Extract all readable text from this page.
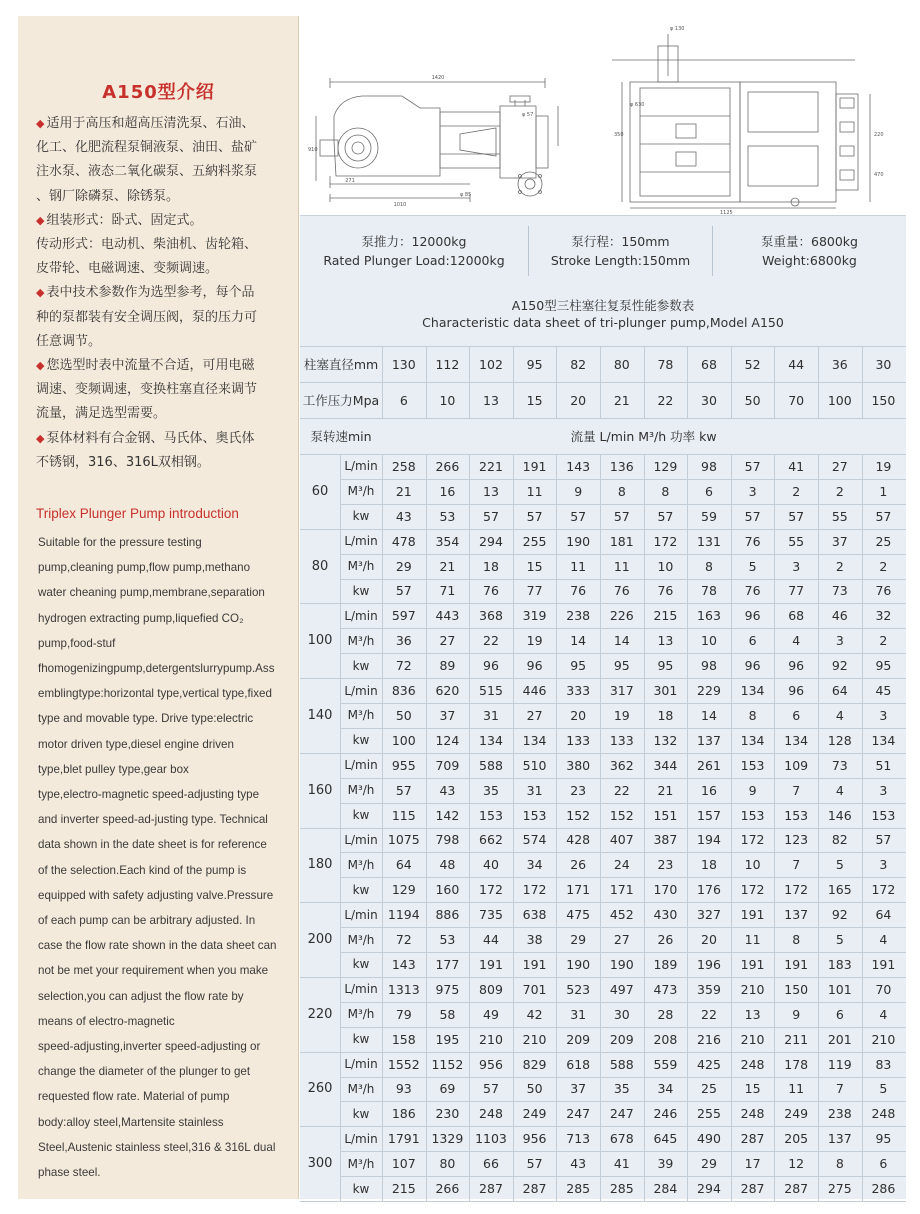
A150型介绍
◆ 适用于高压和超高压清洗泵、石油、
化工、化肥流程泵铜液泵、油田、盐矿
注水泵、液态二氧化碳泵、五納料浆泵
、钢厂除磷泵、除锈泵。
◆ 组装形式：卧式、固定式。
传动形式：电动机、柴油机、齿轮箱、
皮带轮、电磁调速、变频调速。
◆ 表中技术参数作为选型参考，每个品
种的泵都装有安全调压阀，泵的压力可
任意调节。
◆ 您选型时表中流量不合适，可用电磁
调速、变频调速，变换柱塞直径来调节
流量，满足选型需要。
◆ 泵体材料有合金钢、马氏体、奥氏体
不锈钢，316、316L双相钢。
Triplex Plunger Pump introduction
Suitable for the pressure testing
pump,cleaning pump,flow pump,methano
water cheaning pump,membrane,separation
hydrogen extracting pump,liquefied CO₂
pump,food-stuf
fhomogenizingpump,detergentslurrypump.Ass
emblingtype:horizontal type,vertical type,fixed
type and movable type. Drive type:electric
motor driven type,diesel engine driven
type,blet pulley type,gear box
type,electro-magnetic speed-adjusting type
and inverter speed-ad-justing type. Technical
data shown in the date sheet is for reference
of the selection.Each kind of the pump is
equipped with safety adjusting valve.Pressure
of each pump can be arbitrary adjusted. In
case the flow rate shown in the data sheet can
not be met your requirement when you make
selection,you can adjust the flow rate by
means of electro-magnetic
speed-adjusting,inverter speed-adjusting or
change the diameter of the plunger to get
requested flow rate. Material of pump
body:alloy steel,Martensite stainless
Steel,Austenic stainless steel,316 & 316L dual
phase steel.
1420
271
1010
910
φ 57
φ 85
φ 130
350
1125
220
470
φ 630
泵推力：12000kg
Rated Plunger Load:12000kg
泵行程：150mm
Stroke Length:150mm
泵重量：6800kg
Weight:6800kg
A150型三柱塞往复泵性能参数表
Characteristic data sheet of tri-plunger pump,Model A150
柱塞直径mm	130	112	102	95	82	80	78	68	52	44	36	30
工作压力Mpa	6	10	13	15	20	21	22	30	50	70	100	150
泵转速min	流量 L/min M³/h 功率 kw
60
L/min	258	266	221	191	143	136	129	98	57	41	27	19
M³/h	21	16	13	11	9	8	8	6	3	2	2	1
kw	43	53	57	57	57	57	57	59	57	57	55	57
80
L/min	478	354	294	255	190	181	172	131	76	55	37	25
M³/h	29	21	18	15	11	11	10	8	5	3	2	2
kw	57	71	76	77	76	76	76	78	76	77	73	76
100
L/min	597	443	368	319	238	226	215	163	96	68	46	32
M³/h	36	27	22	19	14	14	13	10	6	4	3	2
kw	72	89	96	96	95	95	95	98	96	96	92	95
140
L/min	836	620	515	446	333	317	301	229	134	96	64	45
M³/h	50	37	31	27	20	19	18	14	8	6	4	3
kw	100	124	134	134	133	133	132	137	134	134	128	134
160
L/min	955	709	588	510	380	362	344	261	153	109	73	51
M³/h	57	43	35	31	23	22	21	16	9	7	4	3
kw	115	142	153	153	152	152	151	157	153	153	146	153
180
L/min 1075	798	662	574	428	407	387	194	172	123	82	57
M³/h	64	48	40	34	26	24	23	18	10	7	5	3
kw	129	160	172	172	171	171	170	176	172	172	165	172
200
L/min 1194	886	735	638	475	452	430	327	191	137	92	64
M³/h	72	53	44	38	29	27	26	20	11	8	5	4
kw	143	177	191	191	190	190	189	196	191	191	183	191
220
L/min 1313	975	809	701	523	497	473	359	210	150	101	70
M³/h	79	58	49	42	31	30	28	22	13	9	6	4
kw	158	195	210	210	209	209	208	216	210	211	201	210
260
L/min 1552 1152	956	829	618	588	559	425	248	178	119	83
M³/h	93	69	57	50	37	35	34	25	15	11	7	5
kw	186	230	248	249	247	247	246	255	248	249	238	248
300
L/min 1791 1329 1103	956	713	678	645	490	287	205	137	95
M³/h	107	80	66	57	43	41	39	29	17	12	8	6
kw	215	266	287	287	285	285	284	294	287	287	275	286
